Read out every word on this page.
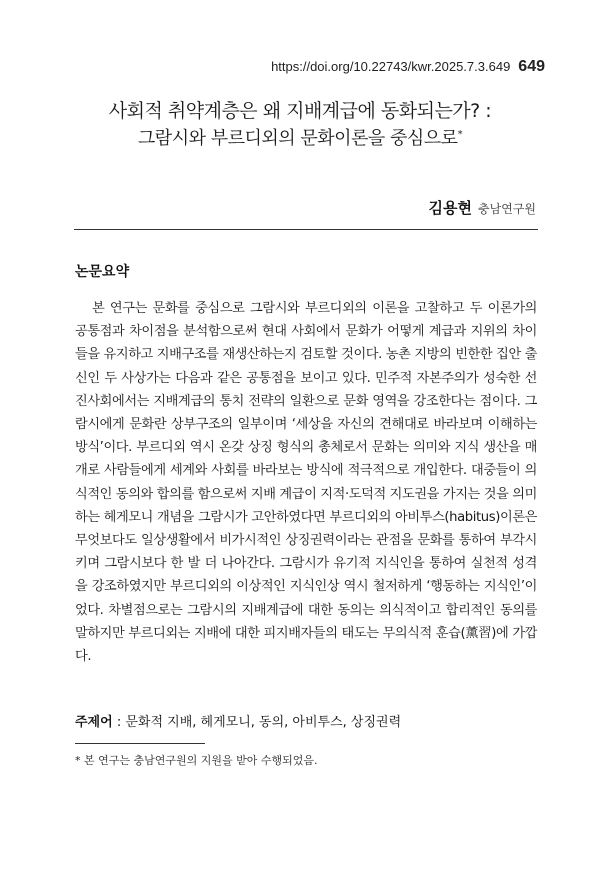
https://doi.org/10.22743/kwr.2025.7.3.649 649
사회적 취약계층은 왜 지배계급에 동화되는가? :
그람시와 부르디외의 문화이론을 중심으로*
김용현 충남연구원
논문요약
본 연구는 문화를 중심으로 그람시와 부르디외의 이론을 고찰하고 두 이론가의 공통점과 차이점을 분석함으로써 현대 사회에서 문화가 어떻게 계급과 지위의 차이들을 유지하고 지배구조를 재생산하는지 검토할 것이다. 농촌 지방의 빈한한 집안 출신인 두 사상가는 다음과 같은 공통점을 보이고 있다. 민주적 자본주의가 성숙한 선진사회에서는 지배계급의 통치 전략의 일환으로 문화 영역을 강조한다는 점이다. 그람시에게 문화란 상부구조의 일부이며 ‘세상을 자신의 견해대로 바라보며 이해하는 방식’이다. 부르디외 역시 온갖 상징 형식의 총체로서 문화는 의미와 지식 생산을 매개로 사람들에게 세계와 사회를 바라보는 방식에 적극적으로 개입한다. 대중들이 의식적인 동의와 합의를 함으로써 지배 계급이 지적·도덕적 지도권을 가지는 것을 의미하는 헤게모니 개념을 그람시가 고안하였다면 부르디외의 아비투스(habitus)이론은 무엇보다도 일상생활에서 비가시적인 상징권력이라는 관점을 문화를 통하여 부각시키며 그람시보다 한 발 더 나아간다. 그람시가 유기적 지식인을 통하여 실천적 성격을 강조하였지만 부르디외의 이상적인 지식인상 역시 철저하게 ‘행동하는 지식인’이었다. 차별점으로는 그람시의 지배계급에 대한 동의는 의식적이고 합리적인 동의를 말하지만 부르디외는 지배에 대한 피지배자들의 태도는 무의식적 훈습(薰習)에 가깝다.
주제어 : 문화적 지배, 헤게모니, 동의, 아비투스, 상징권력
* 본 연구는 충남연구원의 지원을 받아 수행되었음.
